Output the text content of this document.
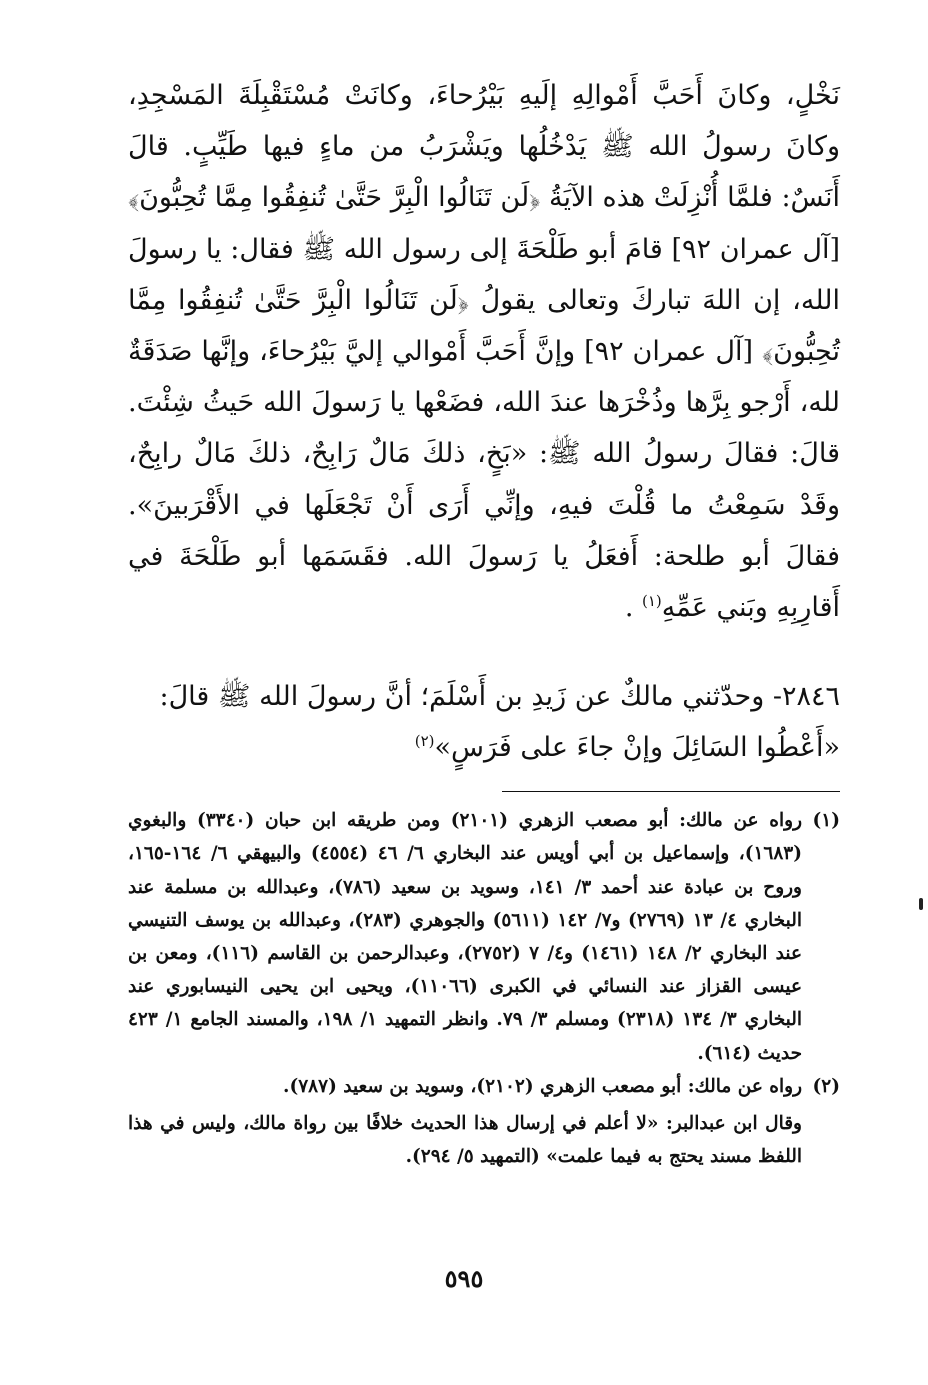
نَخْلٍ، وكانَ أَحَبَّ أَمْوالِهِ إلَيهِ بَيْرُحاءَ، وكانَتْ مُسْتَقْبِلَةَ المَسْجِدِ، وكانَ رسولُ الله ﷺ يَدْخُلُها ويَشْرَبُ من ماءٍ فيها طَيِّبٍ. قالَ أَنَسٌ: فلمَّا أُنْزِلَتْ هذه الآيَةُ ﴿لَن تَنَالُوا الْبِرَّ حَتَّىٰ تُنفِقُوا مِمَّا تُحِبُّونَ﴾ [آل عمران ٩٢] قامَ أبو طَلْحَةَ إلى رسول الله ﷺ فقال: يا رسولَ الله، إن اللهَ تباركَ وتعالى يقولُ ﴿لَن تَنَالُوا الْبِرَّ حَتَّىٰ تُنفِقُوا مِمَّا تُحِبُّونَ﴾ [آل عمران ٩٢] وإنَّ أَحَبَّ أَمْوالي إليَّ بَيْرُحاءَ، وإنَّها صَدَقَةٌ لله، أَرْجو بِرَّها وذُخْرَها عندَ الله، فضَعْها يا رَسولَ الله حَيثُ شِئْتَ. قالَ: فقالَ رسولُ الله ﷺ: «بَخٍ، ذلكَ مَالٌ رَابِحٌ، ذلكَ مَالٌ رابِحٌ، وقَدْ سَمِعْتُ ما قُلْتَ فيهِ، وإنِّي أَرَى أَنْ تَجْعَلَها في الأَقْرَبينَ». فقالَ أبو طلحة: أَفعَلُ يا رَسولَ الله. فقَسَمَها أبو طَلْحَةَ في أَقارِبِهِ وبَني عَمِّهِ$^{(١)}$ .

٢٨٤٦- وحدّثني مالكٌ عن زَيدِ بن أَسْلَمَ؛ أنَّ رسولَ الله ﷺ قالَ:

«أَعْطُوا السَائِلَ وإنْ جاءَ على فَرَسٍ»$^{(٢)}$

(١)
رواه عن مالك: أبو مصعب الزهري (٢١٠١) ومن طريقه ابن حبان (٣٣٤٠) والبغوي (١٦٨٣)، وإسماعيل بن أبي أويس عند البخاري ٦/ ٤٦ (٤٥٥٤) والبيهقي ٦/ ١٦٤-١٦٥، وروح بن عبادة عند أحمد ٣/ ١٤١، وسويد بن سعيد (٧٨٦)، وعبدالله بن مسلمة عند البخاري ٤/ ١٣ (٢٧٦٩) و٧/ ١٤٢ (٥٦١١) والجوهري (٢٨٣)، وعبدالله بن يوسف التنيسي عند البخاري ٢/ ١٤٨ (١٤٦١) و٤/ ٧ (٢٧٥٢)، وعبدالرحمن بن القاسم (١١٦)، ومعن بن عيسى القزاز عند النسائي في الكبرى (١١٠٦٦)، ويحيى ابن يحيى النيسابوري عند البخاري ٣/ ١٣٤ (٢٣١٨) ومسلم ٣/ ٧٩. وانظر التمهيد ١/ ١٩٨، والمسند الجامع ١/ ٤٢٣ حديث (٦١٤).
(٢)
رواه عن مالك: أبو مصعب الزهري (٢١٠٢)، وسويد بن سعيد (٧٨٧).
وقال ابن عبدالبر: «لا أعلم في إرسال هذا الحديث خلافًا بين رواة مالك، وليس في هذا اللفظ مسند يحتج به فيما علمت» (التمهيد ٥/ ٢٩٤).
٥٩٥
